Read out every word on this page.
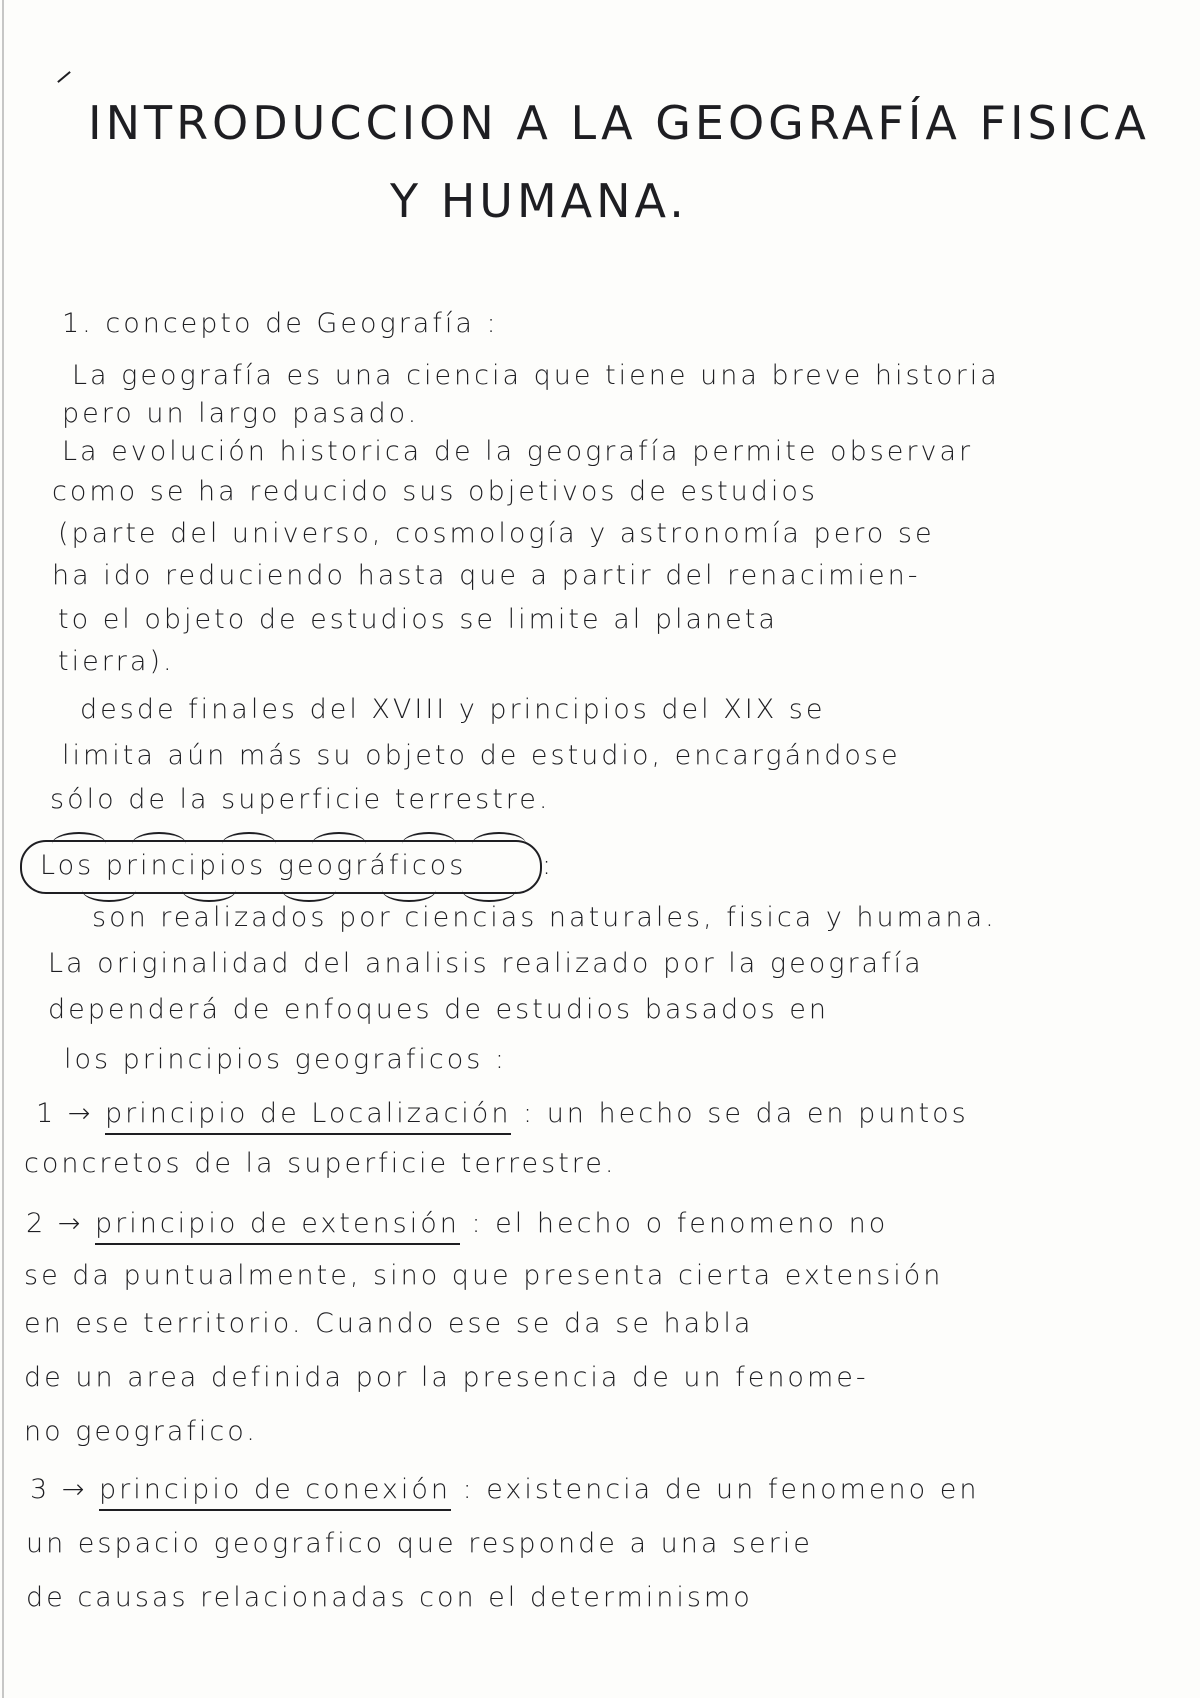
INTRODUCCION A LA GEOGRAFÍA FISICA
Y HUMANA.
1. concepto de Geografía :
La geografía es una ciencia que tiene una breve historia
pero un largo pasado.
La evolución historica de la geografía permite observar
como se ha reducido sus objetivos de estudios
(parte del universo, cosmología y astronomía pero se
ha ido reduciendo hasta que a partir del renacimien-
to el objeto de estudios se limite al planeta
tierra).
desde finales del XVIII y principios del XIX se
limita aún más su objeto de estudio, encargándose
sólo de la superficie terrestre.
Los principios geográficos	:
son realizados por ciencias naturales, fisica y humana.
La originalidad del analisis realizado por la geografía
dependerá de enfoques de estudios basados en
los principios geograficos :
1 → principio de Localización : un hecho se da en puntos
concretos de la superficie terrestre.
2 → principio de extensión : el hecho o fenomeno no
se da puntualmente, sino que presenta cierta extensión
en ese territorio. Cuando ese se da se habla
de un area definida por la presencia de un fenome-
no geografico.
3 → principio de conexión : existencia de un fenomeno en
un espacio geografico que responde a una serie
de causas relacionadas con el determinismo
